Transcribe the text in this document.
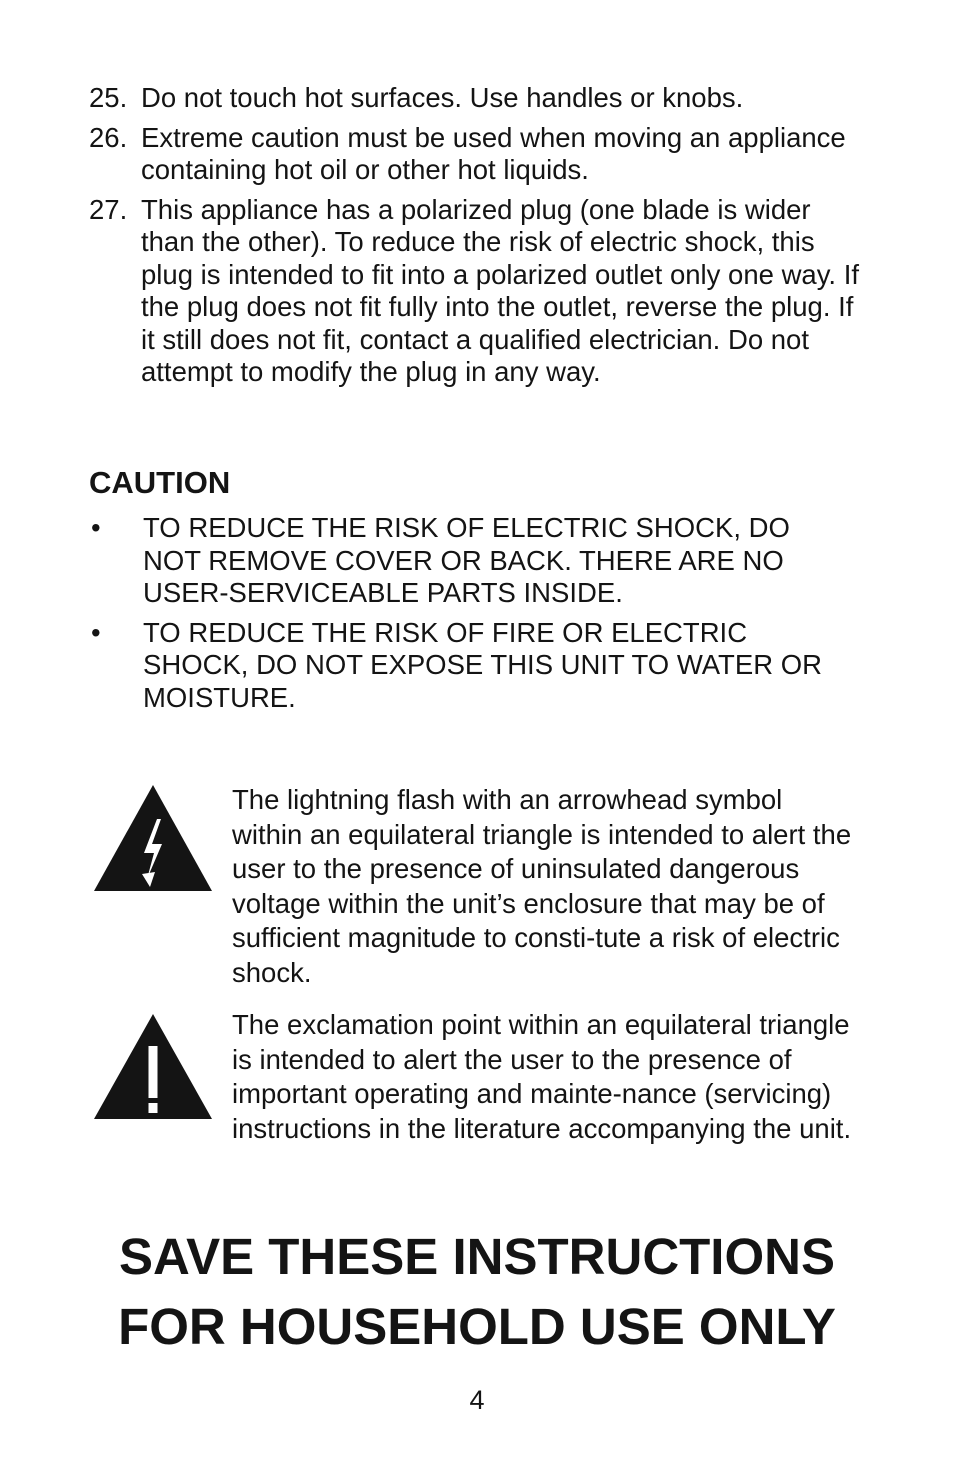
25. Do not touch hot surfaces. Use handles or knobs.
26. Extreme caution must be used when moving an appliance containing hot oil or other hot liquids.
27. This appliance has a polarized plug (one blade is wider than the other). To reduce the risk of electric shock, this plug is intended to fit into a polarized outlet only one way. If the plug does not fit fully into the outlet, reverse the plug. If it still does not fit, contact a qualified electrician. Do not attempt to modify the plug in any way.
CAUTION
•	TO REDUCE THE RISK OF ELECTRIC SHOCK, DO NOT REMOVE COVER OR BACK. THERE ARE NO USER-SERVICEABLE PARTS INSIDE.
•	TO REDUCE THE RISK OF FIRE OR ELECTRIC SHOCK, DO NOT EXPOSE THIS UNIT TO WATER OR MOISTURE.
The lightning flash with an arrowhead symbol within an equilateral triangle is intended to alert the user to the presence of uninsulated dangerous voltage within the unit’s enclosure that may be of sufficient magnitude to consti-tute a risk of electric shock.
The exclamation point within an equilateral triangle is intended to alert the user to the presence of important operating and mainte-nance (servicing) instructions in the literature accompanying the unit.
SAVE THESE INSTRUCTIONS
FOR HOUSEHOLD USE ONLY
4
